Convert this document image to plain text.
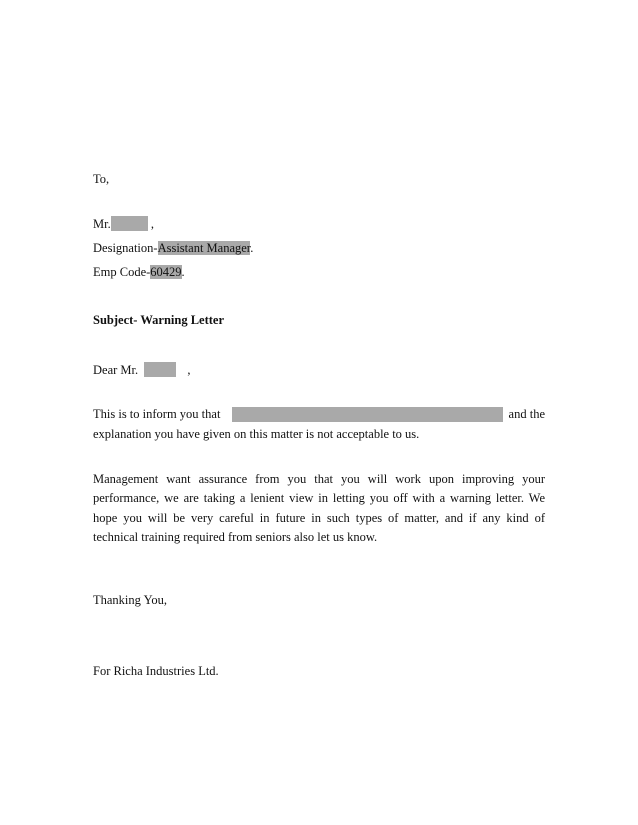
To,
Mr.	,
Designation-Assistant Manager.
Emp Code-60429.
Subject- Warning Letter
Dear Mr.	,
This is to inform you that	and the
explanation you have given on this matter is not acceptable to us.
Management want assurance from you that you will work upon improving your
performance, we are taking a lenient view in letting you off with a warning letter. We
hope you will be very careful in future in such types of matter, and if any kind of
technical training required from seniors also let us know.
Thanking You,
For Richa Industries Ltd.
